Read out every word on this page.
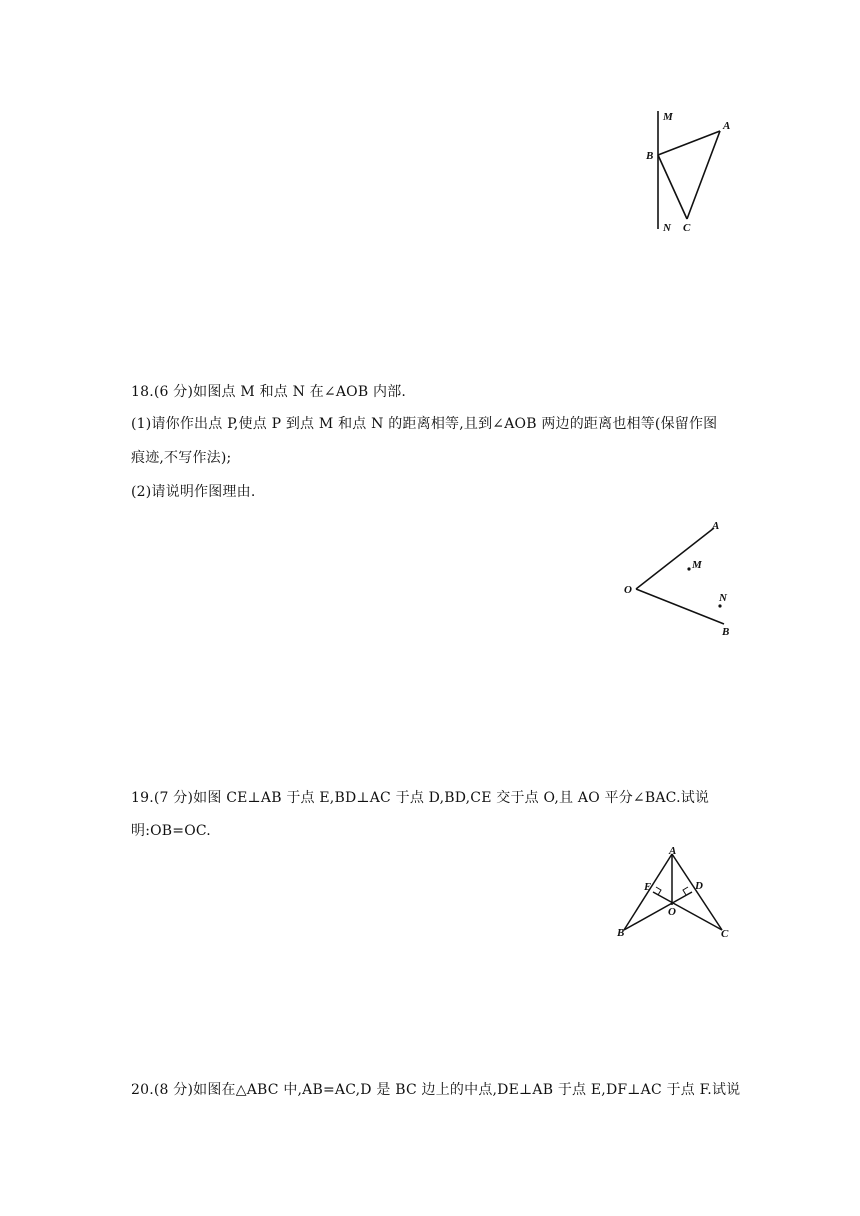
M
A
B
N C
18.(6 分)如图点 M 和点 N 在∠AOB 内部.
(1)请你作出点 P,使点 P 到点 M 和点 N 的距离相等,且到∠AOB 两边的距离也相等(保留作图
痕迹,不写作法);
(2)请说明作图理由.
A
M
O
N
B
19.(7 分)如图 CE⊥AB 于点 E,BD⊥AC 于点 D,BD,CE 交于点 O,且 AO 平分∠BAC.试说
明:OB=OC.
A
E	D
O
B	C
20.(8 分)如图在△ABC 中,AB=AC,D 是 BC 边上的中点,DE⊥AB 于点 E,DF⊥AC 于点 F.试说
